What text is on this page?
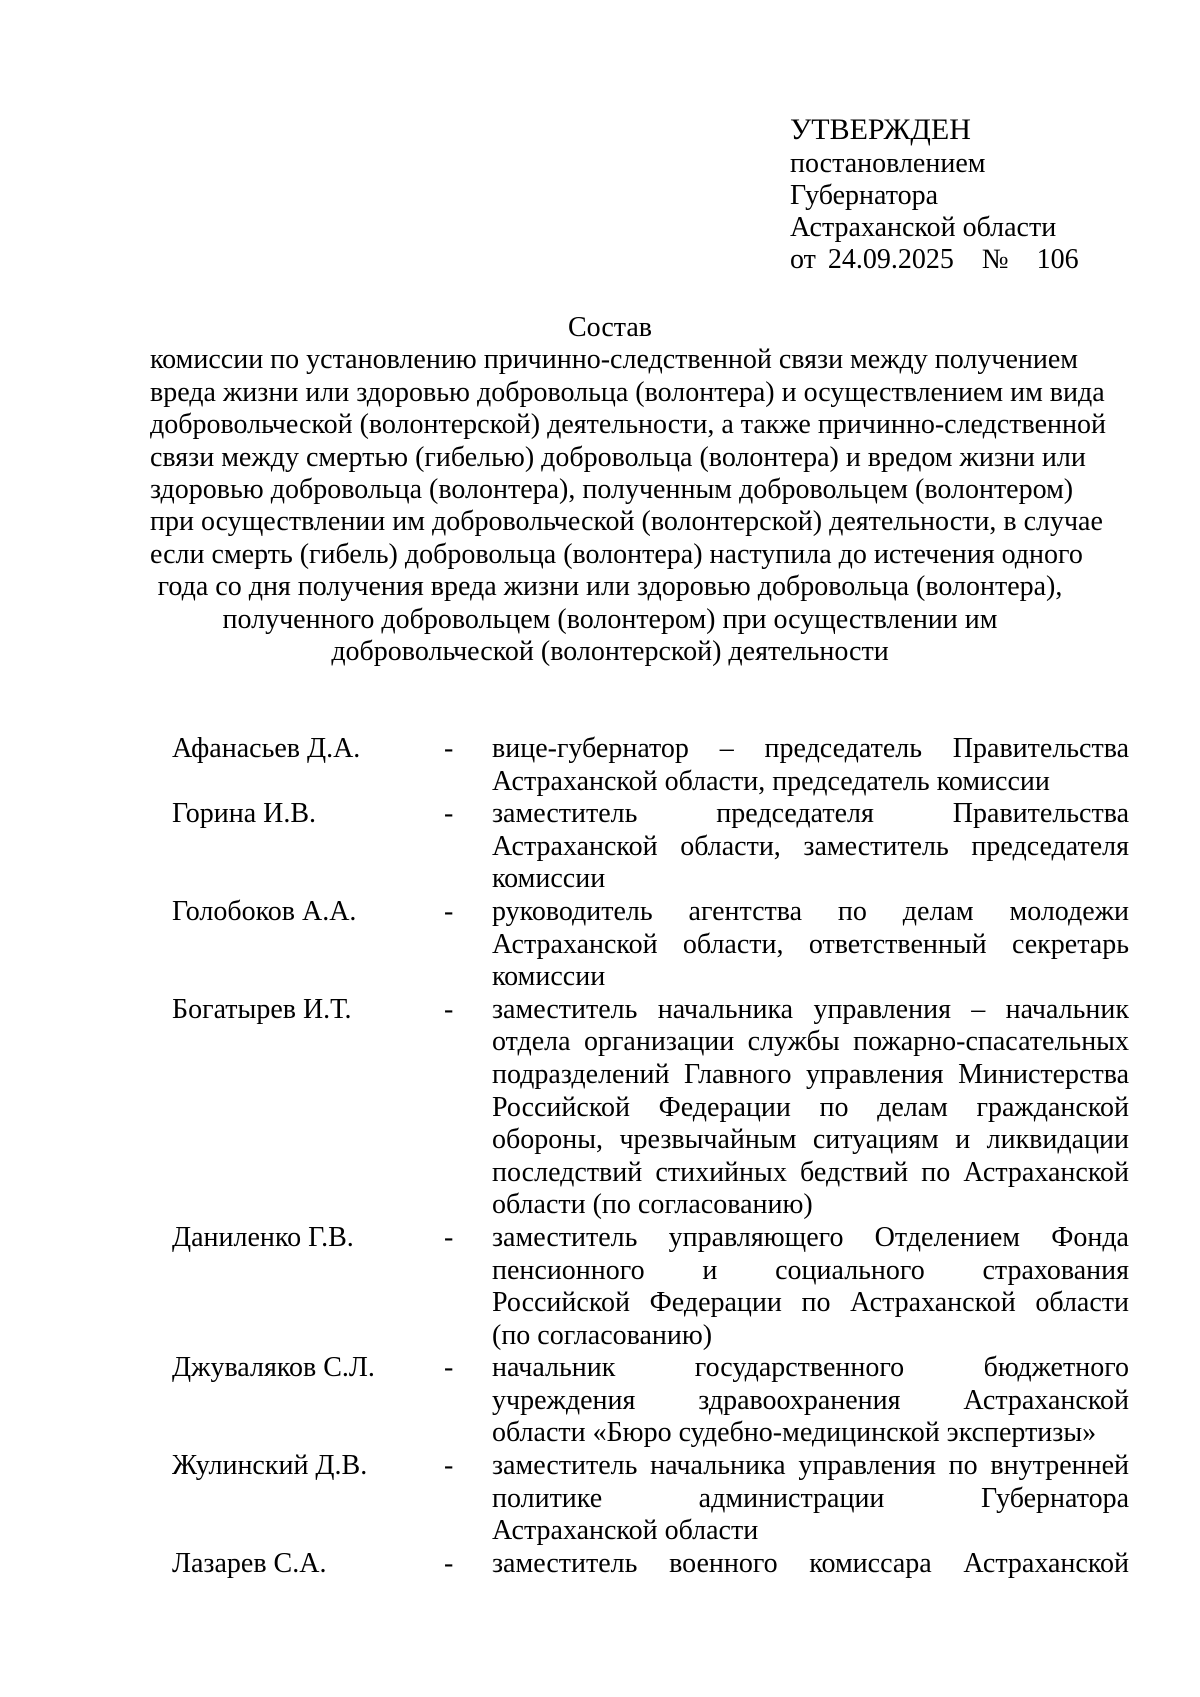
УТВЕРЖДЕН
постановлением
Губернатора
Астраханской области
от 24.09.2025 № 106
Состав
комиссии по установлению причинно-следственной связи между получением
вреда жизни или здоровью добровольца (волонтера) и осуществлением им вида
добровольческой (волонтерской) деятельности, а также причинно-следственной
связи между смертью (гибелью) добровольца (волонтера) и вредом жизни или
здоровью добровольца (волонтера), полученным добровольцем (волонтером)
при осуществлении им добровольческой (волонтерской) деятельности, в случае
если смерть (гибель) добровольца (волонтера) наступила до истечения одного
года со дня получения вреда жизни или здоровью добровольца (волонтера),
полученного добровольцем (волонтером) при осуществлении им
добровольческой (волонтерской) деятельности
Афанасьев Д.А.	-	вице-губернатор – председатель Правительства
Астраханской области, председатель комиссии
Горина И.В.	-	заместитель председателя Правительства
Астраханской области, заместитель председателя
комиссии
Голобоков А.А.	-	руководитель агентства по делам молодежи
Астраханской области, ответственный секретарь
комиссии
Богатырев И.Т.	-	заместитель начальника управления – начальник
отдела организации службы пожарно-спасательных
подразделений Главного управления Министерства
Российской Федерации по делам гражданской
обороны, чрезвычайным ситуациям и ликвидации
последствий стихийных бедствий по Астраханской
области (по согласованию)
Даниленко Г.В.	-	заместитель управляющего Отделением Фонда
пенсионного и социального страхования
Российской Федерации по Астраханской области
(по согласованию)
Джуваляков С.Л.	-	начальник государственного бюджетного
учреждения здравоохранения Астраханской
области «Бюро судебно-медицинской экспертизы»
Жулинский Д.В.	-	заместитель начальника управления по внутренней
политике администрации Губернатора
Астраханской области
Лазарев С.А.	-	заместитель военного комиссара Астраханской
